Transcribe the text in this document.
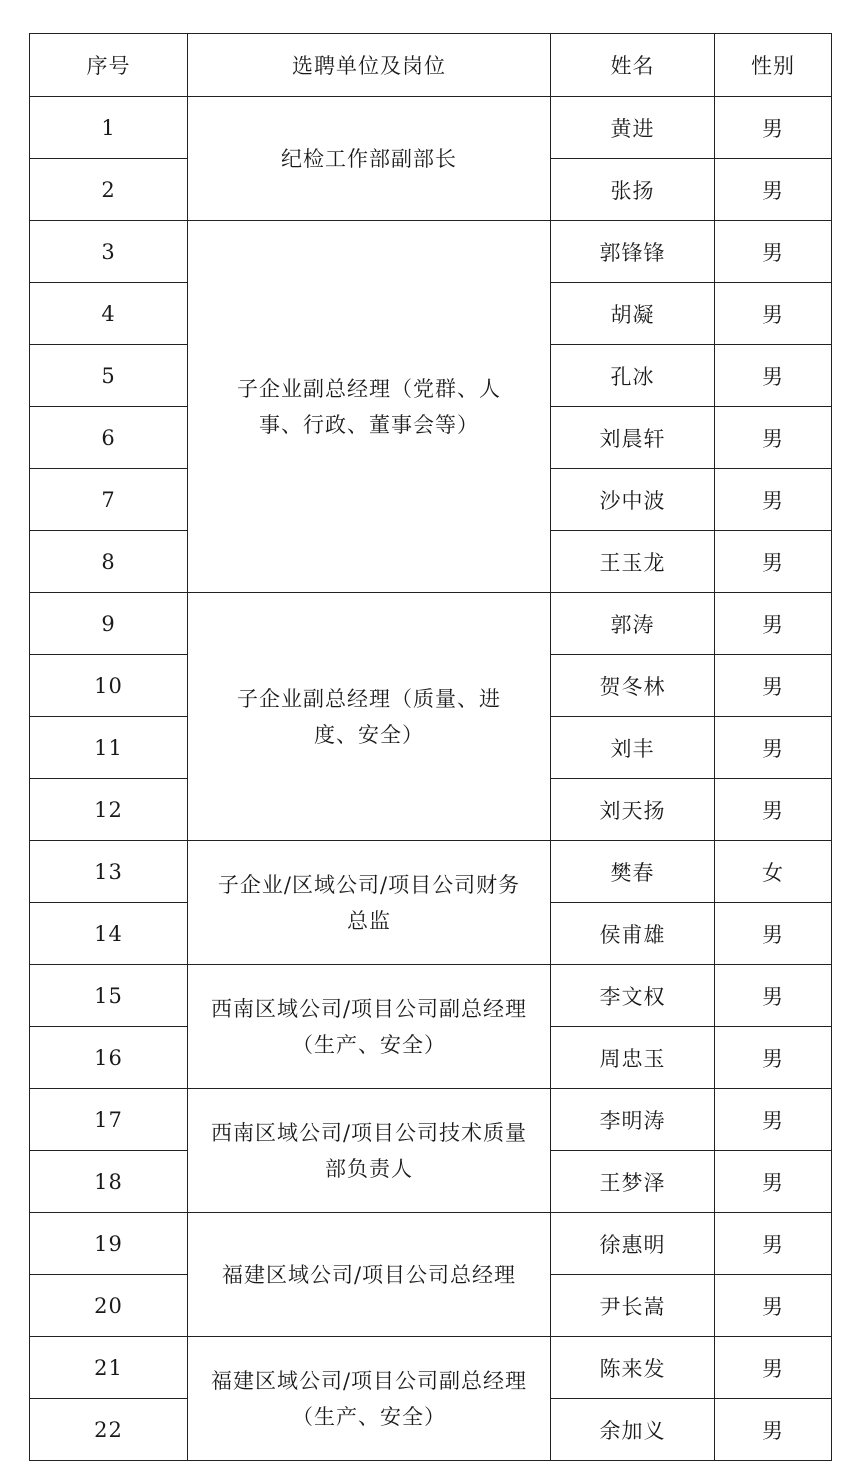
序号	选聘单位及岗位	姓名	性别
1	纪检工作部副部长	黄进	男
2		张扬	男
3	子企业副总经理（党群、人事、行政、董事会等）	郭锋锋	男
4		胡凝	男
5		孔冰	男
6		刘晨轩	男
7		沙中波	男
8		王玉龙	男
9	子企业副总经理（质量、进度、安全）	郭涛	男
10		贺冬林	男
11		刘丰	男
12		刘天扬	男
13	子企业/区域公司/项目公司财务总监	樊春	女
14		侯甫雄	男
15	西南区域公司/项目公司副总经理（生产、安全）	李文权	男
16		周忠玉	男
17	西南区域公司/项目公司技术质量部负责人	李明涛	男
18		王梦泽	男
19	福建区域公司/项目公司总经理	徐惠明	男
20		尹长嵩	男
21	福建区域公司/项目公司副总经理（生产、安全）	陈来发	男
22		余加义	男
